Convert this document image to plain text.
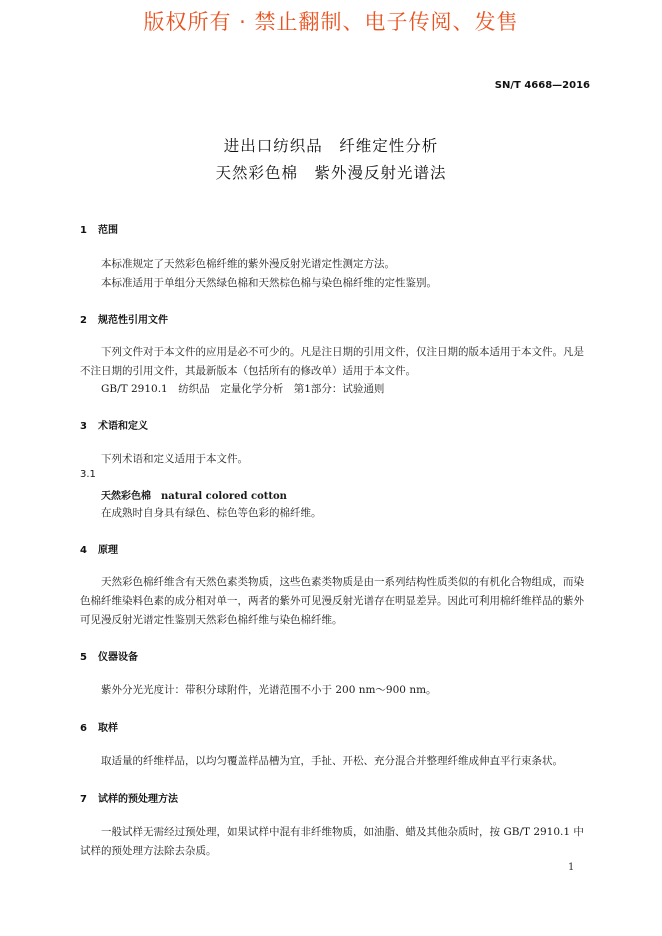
版权所有 · 禁止翻制、电子传阅、发售
SN/T 4668—2016
进出口纺织品　纤维定性分析
天然彩色棉　紫外漫反射光谱法
1 范围
本标准规定了天然彩色棉纤维的紫外漫反射光谱定性测定方法。
本标准适用于单组分天然绿色棉和天然棕色棉与染色棉纤维的定性鉴别。
2 规范性引用文件
下列文件对于本文件的应用是必不可少的。凡是注日期的引用文件，仅注日期的版本适用于本文件。凡是不注日期的引用文件，其最新版本（包括所有的修改单）适用于本文件。
GB/T 2910.1　纺织品　定量化学分析　第1部分：试验通则
3 术语和定义
下列术语和定义适用于本文件。
3.1
天然彩色棉 natural colored cotton
在成熟时自身具有绿色、棕色等色彩的棉纤维。
4 原理
天然彩色棉纤维含有天然色素类物质，这些色素类物质是由一系列结构性质类似的有机化合物组成，而染色棉纤维染料色素的成分相对单一，两者的紫外可见漫反射光谱存在明显差异。因此可利用棉纤维样品的紫外可见漫反射光谱定性鉴别天然彩色棉纤维与染色棉纤维。
5 仪器设备
紫外分光光度计：带积分球附件，光谱范围不小于 200 nm～900 nm。
6 取样
取适量的纤维样品，以均匀覆盖样品槽为宜，手扯、开松、充分混合并整理纤维成伸直平行束条状。
7 试样的预处理方法
一般试样无需经过预处理，如果试样中混有非纤维物质，如油脂、蜡及其他杂质时，按 GB/T 2910.1 中试样的预处理方法除去杂质。
1
